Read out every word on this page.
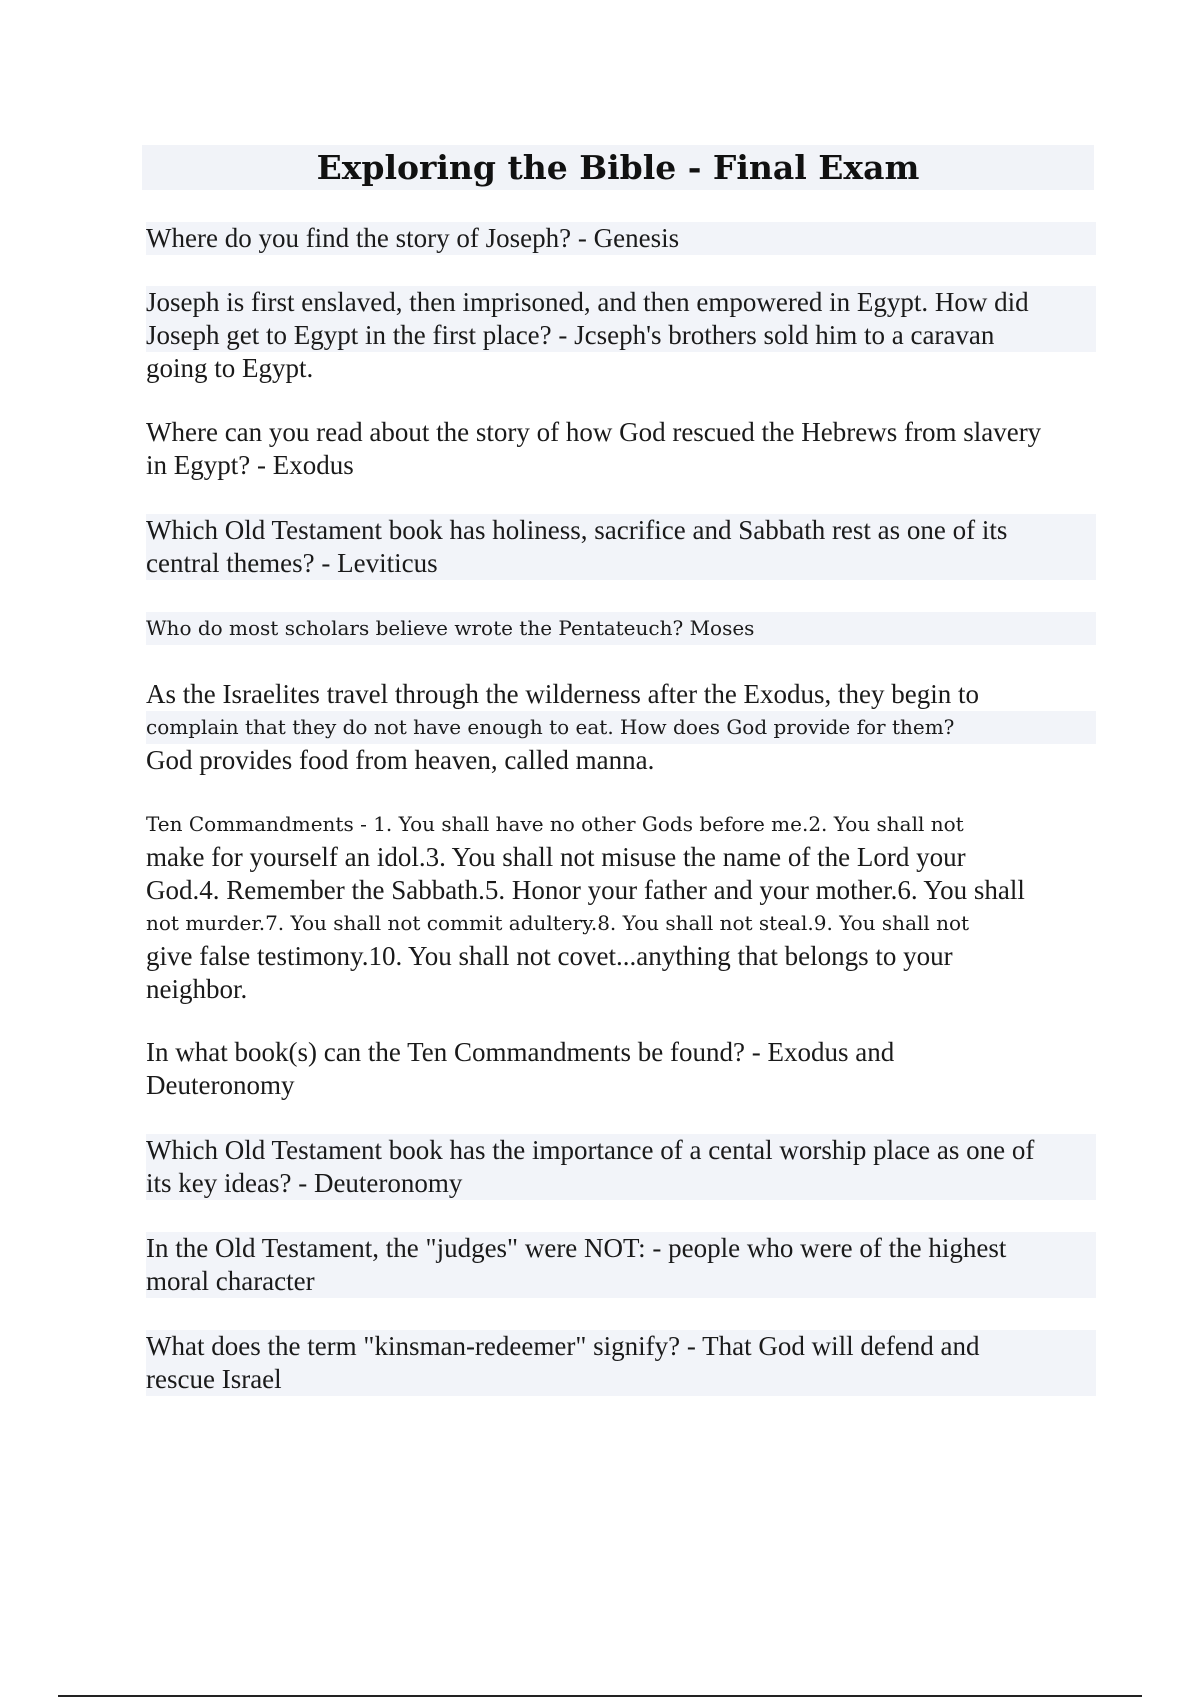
Exploring the Bible - Final Exam

Where do you find the story of Joseph? - Genesis

Joseph is first enslaved, then imprisoned, and then empowered in Egypt. How did
Joseph get to Egypt in the first place? - Jcseph's brothers sold him to a caravan
going to Egypt.

Where can you read about the story of how God rescued the Hebrews from slavery
in Egypt? - Exodus

Which Old Testament book has holiness, sacrifice and Sabbath rest as one of its
central themes? - Leviticus

Who do most scholars believe wrote the Pentateuch? Moses

As the Israelites travel through the wilderness after the Exodus, they begin to
complain that they do not have enough to eat. How does God provide for them?
God provides food from heaven, called manna.

Ten Commandments - 1. You shall have no other Gods before me.2. You shall not
make for yourself an idol.3. You shall not misuse the name of the Lord your
God.4. Remember the Sabbath.5. Honor your father and your mother.6. You shall
not murder.7. You shall not commit adultery.8. You shall not steal.9. You shall not
give false testimony.10. You shall not covet...anything that belongs to your
neighbor.

In what book(s) can the Ten Commandments be found? - Exodus and
Deuteronomy

Which Old Testament book has the importance of a cental worship place as one of
its key ideas? - Deuteronomy

In the Old Testament, the "judges" were NOT: - people who were of the highest
moral character

What does the term "kinsman-redeemer" signify? - That God will defend and
rescue Israel
